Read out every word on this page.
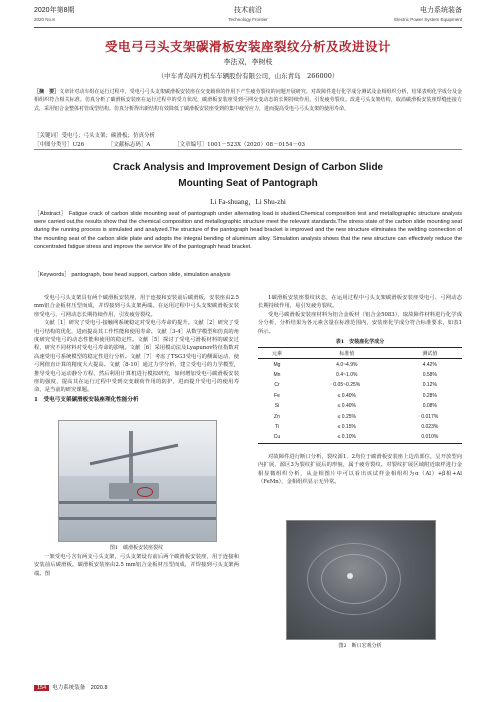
2020年第8期
2020 No.8
技术前沿
Technology Frontier
电力系统装备
Electric Power System Equipment
受电弓弓头支架碳滑板安装座裂纹分析及改进设计
李法双，李树枝
（中车青岛四方机车车辆股份有限公司，山东青岛　266000）
［摘　要］文章针对动车组在运行过程中，受电弓弓头支架碳滑板安装座在交变载荷的作用下产生疲劳裂纹的问题开展研究。对故障件进行化学成分测试及金相组织分析，结果表明化学成分及金相组织符合相关标准。仿真分析了碳滑板安装座在运行过程中的受力状况，碳滑板安装座受到弓网交变动态的长期持续作用，引发疲劳裂纹。改进弓头支架结构，取消碳滑板安装座焊缝连接方式，采用铝合金整体衬管成型结构。仿真分析得出新结构有效降低了碳滑板安装座受到的集中疲劳应力，进而提高受电弓弓头支架的使用寿命。
［关键词］受电弓；弓头支架；碳滑板；仿真分析
［中图分类号］U26	［文献标志码］A	［文章编号］1001－523X（2020）08－0154－03
Crack Analysis and Improvement Design of Carbon Slide
Mounting Seat of Pantograph
Li Fa-shuang，Li Shu-zhi
［Abstract］ Fatigue crack of carbon slide mounting seat of pantograph under alternating load is studied.Chemical composition test and metallographic structure analysis were carried out,the results show that the chemical composition and metallographic structure meet the relevant standards.The stress state of the carbon slide mounting seat during the running process is simulated and analyzed.The structure of the pantograph head bracket is improved and the new structure eliminates the welding connection of the mounting seat of the carbon slide plate and adopts the integral bending of aluminum alloy. Simulation analysis shows that the new structure can effectively reduce the concentrated fatigue stress and improve the service life of the pantograph head bracket.
［Keywords］ pantograph, bow head support, carbon slide, simulation analysis

受电弓弓头支架具有两个碳滑板安装座，用于连接和安装前后碳滑板，安装座由2.5 mm铝合金板材压型而成，并焊接到弓头支架两端。在运用过程中弓头支架碳滑板安装座受电弓、弓网动态长期持续作用，引发疲劳裂纹。

文献［1］研究了受电弓-接触网系统稳定对受电弓寿命的提升。文献［2］研究了受电弓结构的优化，进而提高其工作性能和使用寿命。文献［3-4］从数学模型和仿真的角度研究受电弓的动态性能和使用的稳定性。文献［5］探讨了受电弓滑板材料的碳安过程，研究不同材料对受电弓寿命的影响。文献［6］采用模动法及Lyapunov特征指数对高速受电弓系统模型的稳定性进行分析。文献［7］考虑了TSG3受电弓的侧面运动，使弓网值直计算的精度大大提高。文献［8-10］通过力学分析，建立受电弓的力学模型，推导受电弓运动静分方程，然后利用计算机进行模拟研究，如何增加受电弓碳滑板安装座的强度，提高其在运行过程中受到交变载荷作用的防护，进而提升受电弓的使用寿命，是当前的研究课题。

1　受电弓支架碳滑板安装座理化性能分析
图1　碳滑板安装座裂纹

一架受电弓含有两支弓头支架，弓头支架设有前后两个碳滑板安装座，用于连接和安装前后碳滑板。碳滑板安装座由2.5 mm铝合金板材压型而成，并焊接到弓头支架两端。图

1碳滑板安装座裂纹状态，在运用过程中弓头支架碳滑板安装座受电弓、弓网动态长期持续作用，易引发疲劳裂纹。

受电弓碳滑板安装座材料为铝合金板材（铝合金5083），取故障件材料进行化学成分分析，分析结果为各元素含量在标准范围内，安装座化学成分符合标准要求，如表1所示。

表1　安装座化学成分
元素	标准值	测试值
Mg	4.0~4.9%	4.42%
Mn	0.4~1.0%	0.58%
Cr	0.05~0.25%	0.12%
Fe	≤ 0.40%	0.28%
Si	≤ 0.40%	0.08%
Zn	≤ 0.25%	0.017%
Ti	≤ 0.15%	0.023%
Cu	≤ 0.10%	0.010%

对故障件进行断口分析，裂纹源1、2均位于碳滑板安装座上边沿部位，呈开放型向内扩展，源区3为裂纹扩展后的形貌，属于疲劳裂纹。对裂纹扩展区域附近取样进行金相显微组织分析，从金相图片中可以看出该试样金相组织为α（Al）+β相+Al（FeMn），金相组织显示无异常。

图2　断口宏观分析
154 电力系统装备　2020.8
